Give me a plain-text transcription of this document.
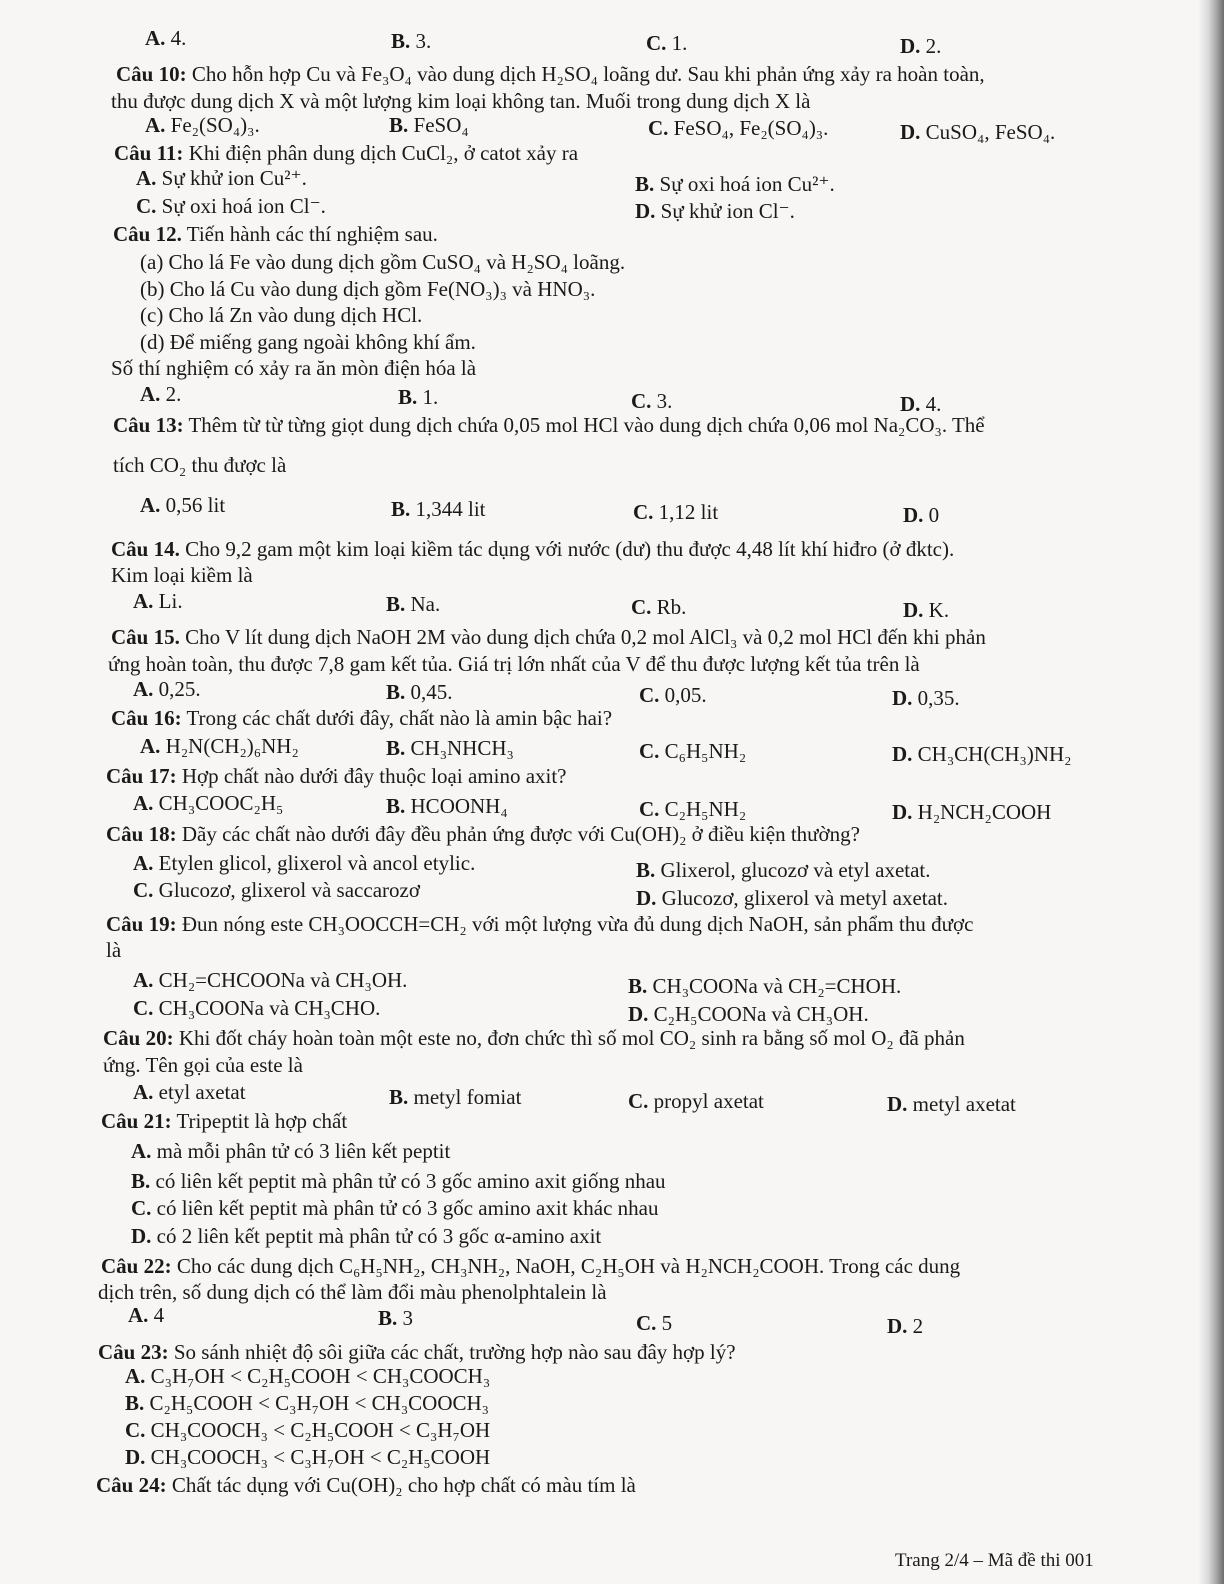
A. 4.	B. 3.	C. 1.	D. 2.
Câu 10: Cho hỗn hợp Cu và Fe₃O₄ vào dung dịch H₂SO₄ loãng dư. Sau khi phản ứng xảy ra hoàn toàn,
thu được dung dịch X và một lượng kim loại không tan. Muối trong dung dịch X là
A. Fe₂(SO₄)₃.	B. FeSO₄	C. FeSO₄, Fe₂(SO₄)₃.	D. CuSO₄, FeSO₄.
Câu 11: Khi điện phân dung dịch CuCl₂, ở catot xảy ra
A. Sự khử ion Cu²⁺.	B. Sự oxi hoá ion Cu²⁺.
C. Sự oxi hoá ion Cl⁻.	D. Sự khử ion Cl⁻.
Câu 12. Tiến hành các thí nghiệm sau.
(a) Cho lá Fe vào dung dịch gồm CuSO₄ và H₂SO₄ loãng.
(b) Cho lá Cu vào dung dịch gồm Fe(NO₃)₃ và HNO₃.
(c) Cho lá Zn vào dung dịch HCl.
(d) Để miếng gang ngoài không khí ẩm.
Số thí nghiệm có xảy ra ăn mòn điện hóa là
A. 2.	B. 1.	C. 3.	D. 4.
Câu 13: Thêm từ từ từng giọt dung dịch chứa 0,05 mol HCl vào dung dịch chứa 0,06 mol Na₂CO₃. Thể
tích CO₂ thu được là
A. 0,56 lit	B. 1,344 lit	C. 1,12 lit	D. 0
Câu 14. Cho 9,2 gam một kim loại kiềm tác dụng với nước (dư) thu được 4,48 lít khí hiđro (ở đktc).
Kim loại kiềm là
A. Li.	B. Na.	C. Rb.	D. K.
Câu 15. Cho V lít dung dịch NaOH 2M vào dung dịch chứa 0,2 mol AlCl₃ và 0,2 mol HCl đến khi phản
ứng hoàn toàn, thu được 7,8 gam kết tủa. Giá trị lớn nhất của V để thu được lượng kết tủa trên là
A. 0,25.	B. 0,45.	C. 0,05.	D. 0,35.
Câu 16: Trong các chất dưới đây, chất nào là amin bậc hai?
A. H₂N(CH₂)₆NH₂	B. CH₃NHCH₃	C. C₆H₅NH₂	D. CH₃CH(CH₃)NH₂
Câu 17: Hợp chất nào dưới đây thuộc loại amino axit?
A. CH₃COOC₂H₅	B. HCOONH₄	C. C₂H₅NH₂	D. H₂NCH₂COOH
Câu 18: Dãy các chất nào dưới đây đều phản ứng được với Cu(OH)₂ ở điều kiện thường?
A. Etylen glicol, glixerol và ancol etylic.	B. Glixerol, glucozơ và etyl axetat.
C. Glucozơ, glixerol và saccarozơ	D. Glucozơ, glixerol và metyl axetat.
Câu 19: Đun nóng este CH₃OOCCH=CH₂ với một lượng vừa đủ dung dịch NaOH, sản phẩm thu được
là
A. CH₂=CHCOONa và CH₃OH.	B. CH₃COONa và CH₂=CHOH.
C. CH₃COONa và CH₃CHO.	D. C₂H₅COONa và CH₃OH.
Câu 20: Khi đốt cháy hoàn toàn một este no, đơn chức thì số mol CO₂ sinh ra bằng số mol O₂ đã phản
ứng. Tên gọi của este là
A. etyl axetat	B. metyl fomiat	C. propyl axetat	D. metyl axetat
Câu 21: Tripeptit là hợp chất
A. mà mỗi phân tử có 3 liên kết peptit
B. có liên kết peptit mà phân tử có 3 gốc amino axit giống nhau
C. có liên kết peptit mà phân tử có 3 gốc amino axit khác nhau
D. có 2 liên kết peptit mà phân tử có 3 gốc α-amino axit
Câu 22: Cho các dung dịch C₆H₅NH₂, CH₃NH₂, NaOH, C₂H₅OH và H₂NCH₂COOH. Trong các dung
dịch trên, số dung dịch có thể làm đổi màu phenolphtalein là
A. 4	B. 3	C. 5	D. 2
Câu 23: So sánh nhiệt độ sôi giữa các chất, trường hợp nào sau đây hợp lý?
A. C₃H₇OH < C₂H₅COOH < CH₃COOCH₃
B. C₂H₅COOH < C₃H₇OH < CH₃COOCH₃
C. CH₃COOCH₃ < C₂H₅COOH < C₃H₇OH
D. CH₃COOCH₃ < C₃H₇OH < C₂H₅COOH
Câu 24: Chất tác dụng với Cu(OH)₂ cho hợp chất có màu tím là
Trang 2/4 – Mã đề thi 001
